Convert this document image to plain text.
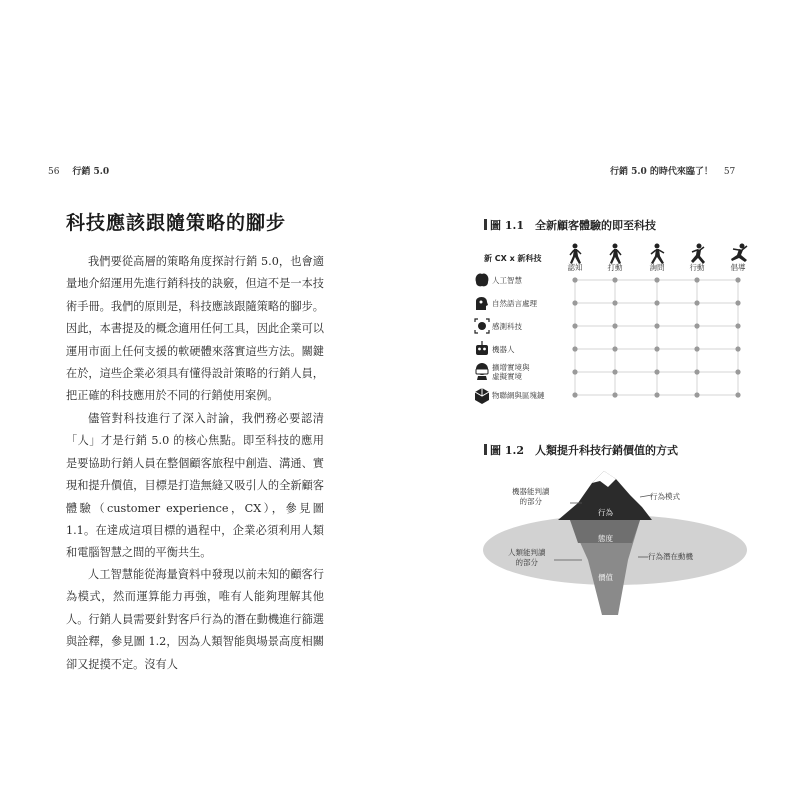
56 行銷 5.0
科技應該跟隨策略的腳步

我們要從高層的策略角度探討行銷 5.0，也會適量地介紹運用先進行銷科技的訣竅，但這不是一本技術手冊。我們的原則是，科技應該跟隨策略的腳步。因此，本書提及的概念適用任何工具，因此企業可以運用市面上任何支援的軟硬體來落實這些方法。關鍵在於，這些企業必須具有懂得設計策略的行銷人員，把正確的科技應用於不同的行銷使用案例。

儘管對科技進行了深入討論，我們務必要認清「人」才是行銷 5.0 的核心焦點。即至科技的應用是要協助行銷人員在整個顧客旅程中創造、溝通、實現和提升價值，目標是打造無縫又吸引人的全新顧客體驗（customer experience，CX），參見圖 1.1。在達成這項目標的過程中，企業必須利用人類和電腦智慧之間的平衡共生。

人工智慧能從海量資料中發現以前未知的顧客行為模式，然而運算能力再強，唯有人能夠理解其他人。行銷人員需要針對客戶行為的潛在動機進行篩選與詮釋，參見圖 1.2，因為人類智能與場景高度相關卻又捉摸不定。沒有人

行銷 5.0 的時代來臨了！ 57
圖 1.1　全新顧客體驗的即至科技
新 CX x 新科技
認知	打動	詢問	行動	倡導
人工智慧
自然語言處理
感測科技
機器人
擴增實境與
虛擬實境
物聯網與區塊鏈
圖 1.2　人類提升科技行銷價值的方式
機器能判讀
的部分
行為模式
行為
態度
人類能判讀
的部分
行為潛在動機
價值
